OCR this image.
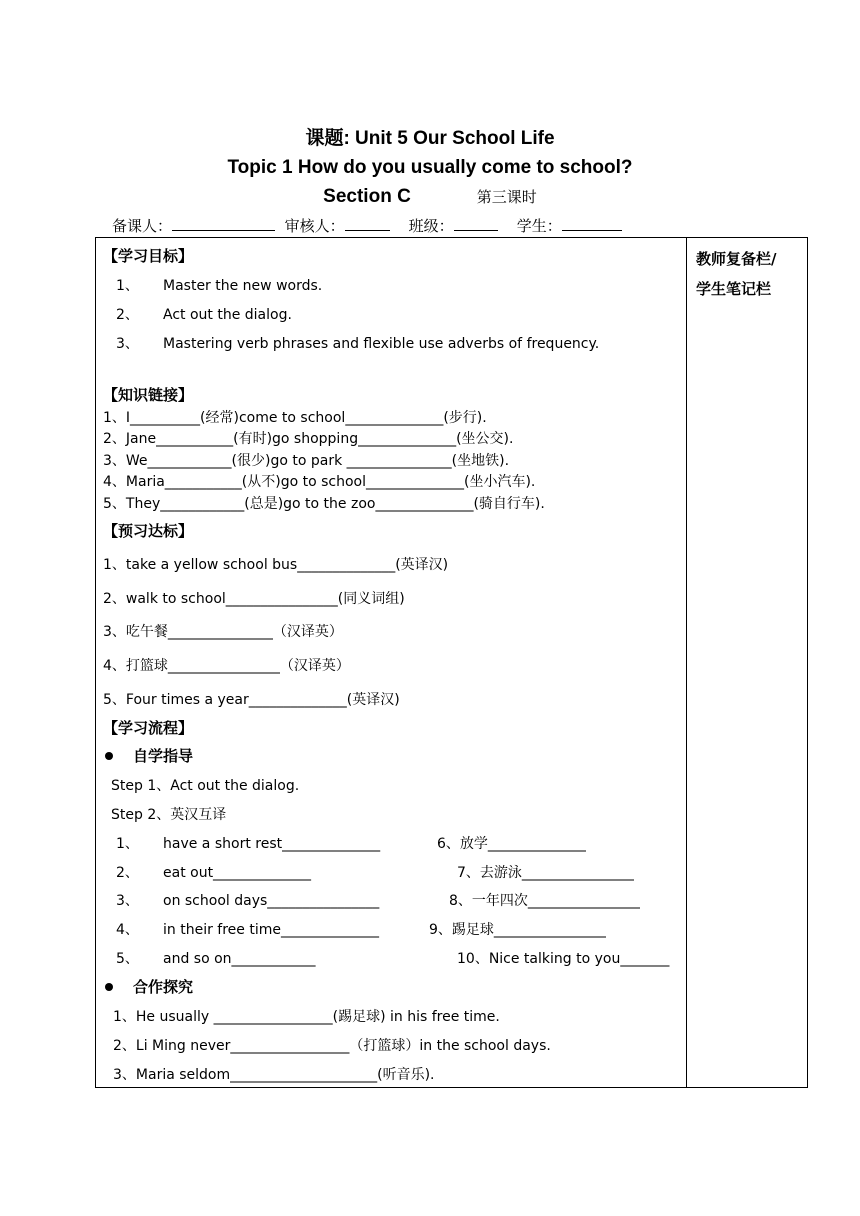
课题: Unit 5 Our School Life
Topic 1 How do you usually come to school?
Section C	第三课时
备课人：	审核人：	班级：	学生：
教师复备栏/
学生笔记栏
【学习目标】
1、 Master the new words.
2、 Act out the dialog.
3、 Mastering verb phrases and flexible use adverbs of frequency.
【知识链接】
1、I__________(经常)come to school______________(步行).
2、Jane___________(有时)go shopping______________(坐公交).
3、We____________(很少)go to park _______________(坐地铁).
4、Maria___________(从不)go to school______________(坐小汽车).
5、They____________(总是)go to the zoo______________(骑自行车).
【预习达标】
1、take a yellow school bus______________(英译汉)
2、walk to school________________(同义词组)
3、吃午餐_______________（汉译英）
4、打篮球________________（汉译英）
5、Four times a year______________(英译汉)
【学习流程】
自学指导
Step 1、Act out the dialog.
Step 2、英汉互译
1、 have a short rest______________
2、 eat out______________
3、 on school days________________
4、 in their free time______________
5、 and so on____________
6、放学______________
7、去游泳________________
8、一年四次________________
9、踢足球________________
10、Nice talking to you_______
合作探究
1、He usually _________________(踢足球) in his free time.
2、Li Ming never_________________（打篮球）in the school days.
3、Maria seldom_____________________(听音乐).
